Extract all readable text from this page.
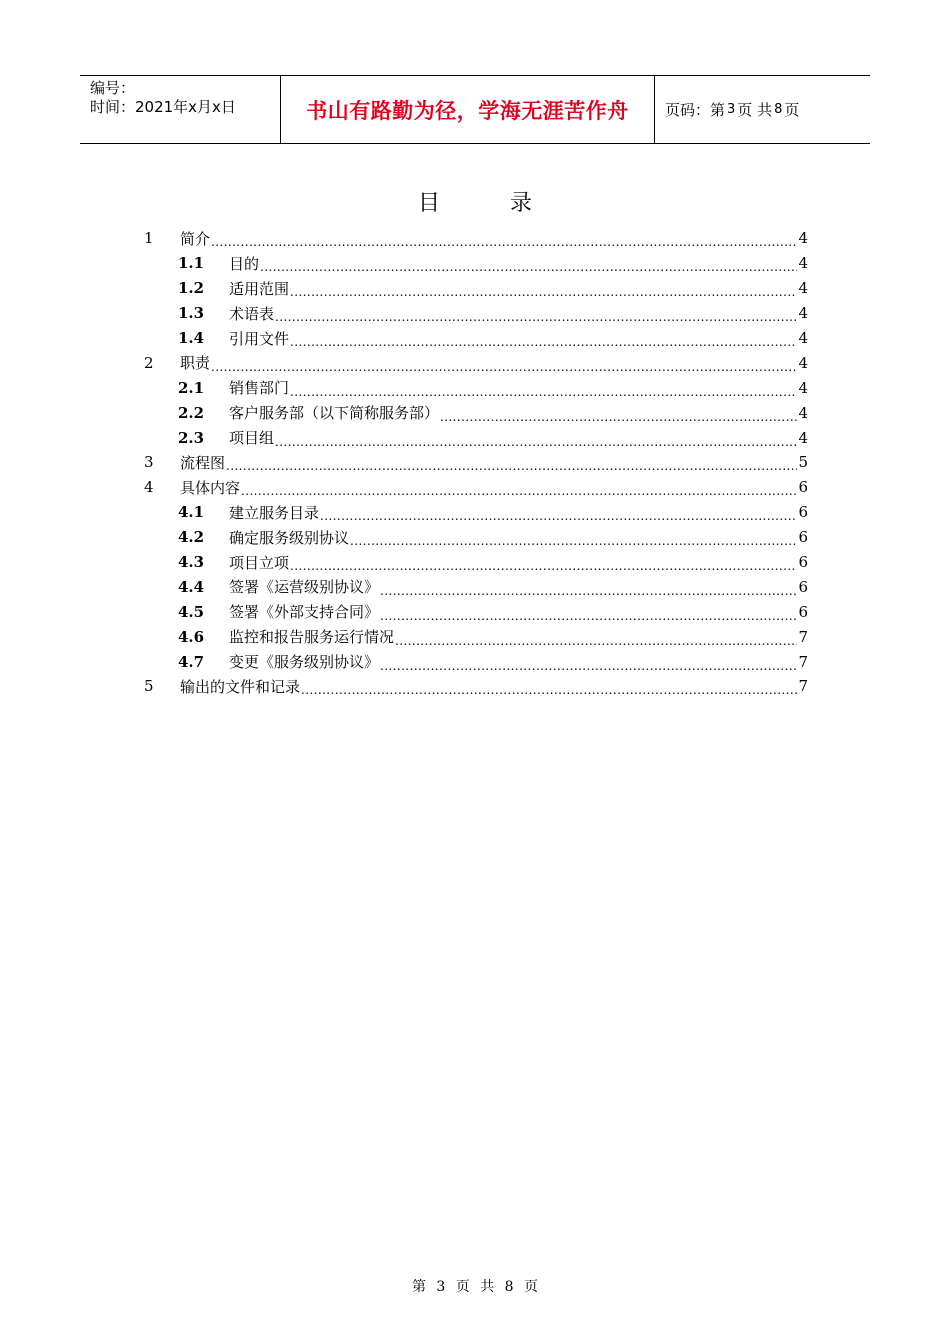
编号：
时间：2021年x月x日	书山有路勤为径，学海无涯苦作舟	页码：第 3 页 共 8 页
目	录
1	简介 .....	4
1.1	目的 .....	4
1.2	适用范围 .....	4
1.3	术语表 .....	4
1.4	引用文件 .....	4
2	职责 .....	4
2.1	销售部门 .....	4
2.2	客户服务部（以下简称服务部） .....	4
2.3	项目组 .....	4
3	流程图 .....	5
4	具体内容 .....	6
4.1	建立服务目录 .....	6
4.2	确定服务级别协议 .....	6
4.3	项目立项 .....	6
4.4	签署《运营级别协议》 .....	6
4.5	签署《外部支持合同》 .....	6
4.6	监控和报告服务运行情况 .....	7
4.7	变更《服务级别协议》 .....	7
5	输出的文件和记录 .....	7
第 3 页 共 8 页
